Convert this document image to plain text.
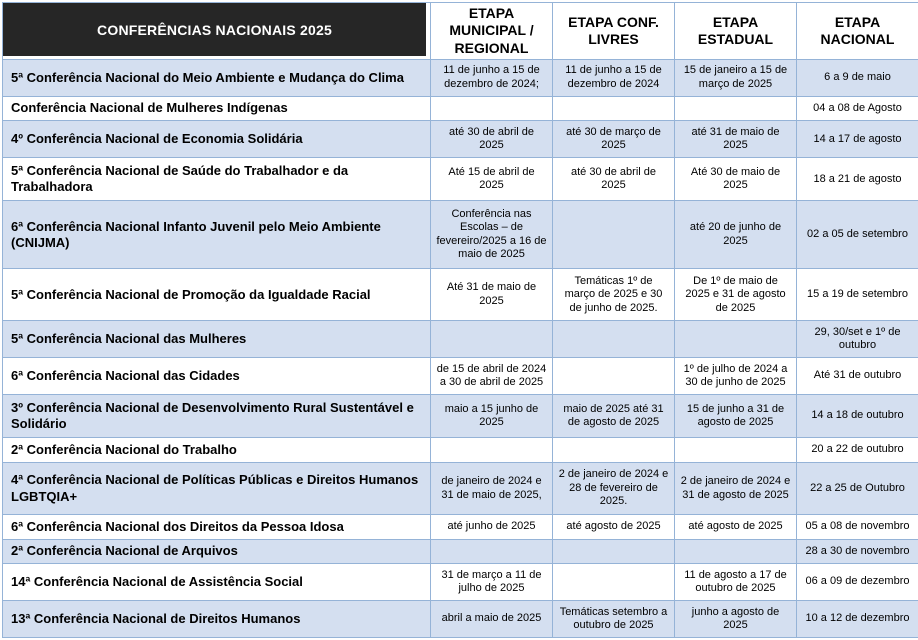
CONFERÊNCIAS NACIONAIS 2025	ETAPA MUNICIPAL / REGIONAL	ETAPA CONF. LIVRES	ETAPA ESTADUAL	ETAPA NACIONAL
5ª Conferência Nacional do Meio Ambiente e Mudança do Clima	11 de junho a 15 de dezembro de 2024;	11 de junho a 15 de dezembro de 2024	15 de janeiro a 15 de março de 2025	6 a 9 de maio
Conferência Nacional de Mulheres Indígenas				04 a 08 de Agosto
4º Conferência Nacional de Economia Solidária	até 30 de abril de 2025	até 30 de março de 2025	até 31 de maio de 2025	14 a 17 de agosto
5ª Conferência Nacional de Saúde do Trabalhador e da Trabalhadora	Até 15 de abril de 2025	até 30 de abril de 2025	Até 30 de maio de 2025	18 a 21 de agosto
6ª Conferência Nacional Infanto Juvenil pelo Meio Ambiente (CNIJMA)	Conferência nas Escolas – de fevereiro/2025 a 16 de maio de 2025		até 20 de junho de 2025	02 a 05 de setembro
5ª Conferência Nacional de Promoção da Igualdade Racial	Até 31 de maio de 2025	Temáticas 1º de março de 2025 e 30 de junho de 2025.	De 1º de maio de 2025 e 31 de agosto de 2025	15 a 19 de setembro
5ª Conferência Nacional das Mulheres				29, 30/set e 1º de outubro
6ª Conferência Nacional das Cidades	de 15 de abril de 2024 a 30 de abril de 2025		1º de julho de 2024 a 30 de junho de 2025	Até 31 de outubro
3º Conferência Nacional de Desenvolvimento Rural Sustentável e Solidário	maio a 15 junho de 2025	maio de 2025 até 31 de agosto de 2025	15 de junho a 31 de agosto de 2025	14 a 18 de outubro
2ª Conferência Nacional do Trabalho				20 a 22 de outubro
4ª Conferência Nacional de Políticas Públicas e Direitos Humanos LGBTQIA+	de janeiro de 2024 e 31 de maio de 2025,	2 de janeiro de 2024 e 28 de fevereiro de 2025.	2 de janeiro de 2024 e 31 de agosto de 2025	22 a 25 de Outubro
6ª Conferência Nacional dos Direitos da Pessoa Idosa	até junho de 2025	até agosto de 2025	até agosto de 2025	05 a 08 de novembro
2ª Conferência Nacional de Arquivos				28 a 30 de novembro
14ª Conferência Nacional de Assistência Social	31 de março a 11 de julho de 2025		11 de agosto a 17 de outubro de 2025	06 a 09 de dezembro
13ª Conferência Nacional de Direitos Humanos	abril a maio de 2025	Temáticas setembro a outubro de 2025	junho a agosto de 2025	10 a 12 de dezembro
